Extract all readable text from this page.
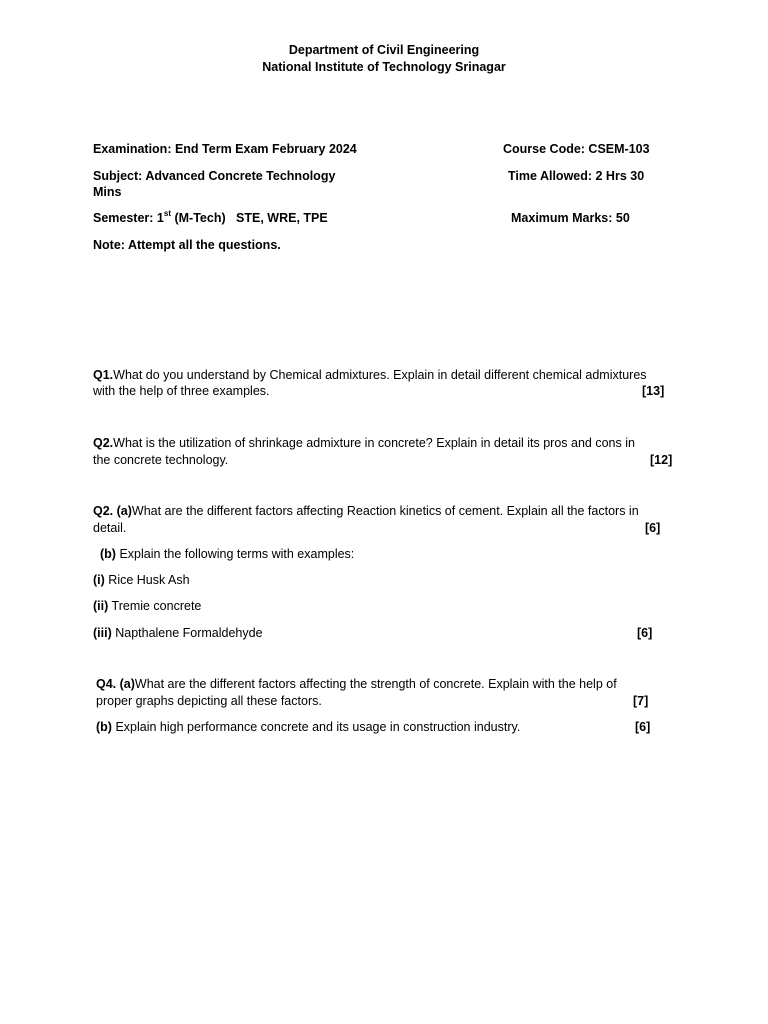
Department of Civil Engineering
National Institute of Technology Srinagar
Examination: End Term Exam February 2024	Course Code: CSEM-103
Subject: Advanced Concrete Technology	Time Allowed: 2 Hrs 30
Mins
Semester: 1st (M-Tech)   STE, WRE, TPE	Maximum Marks: 50
Note: Attempt all the questions.
Q1.What do you understand by Chemical admixtures. Explain in detail different chemical admixtures
with the help of three examples.	[13]
Q2.What is the utilization of shrinkage admixture in concrete? Explain in detail its pros and cons in
the concrete technology.	[12]
Q2. (a)What are the different factors affecting Reaction kinetics of cement. Explain all the factors in
detail.	[6]
(b) Explain the following terms with examples:
(i) Rice Husk Ash
(ii) Tremie concrete
(iii) Napthalene Formaldehyde	[6]
Q4. (a)What are the different factors affecting the strength of concrete. Explain with the help of
proper graphs depicting all these factors.	[7]
(b) Explain high performance concrete and its usage in construction industry.	[6]
